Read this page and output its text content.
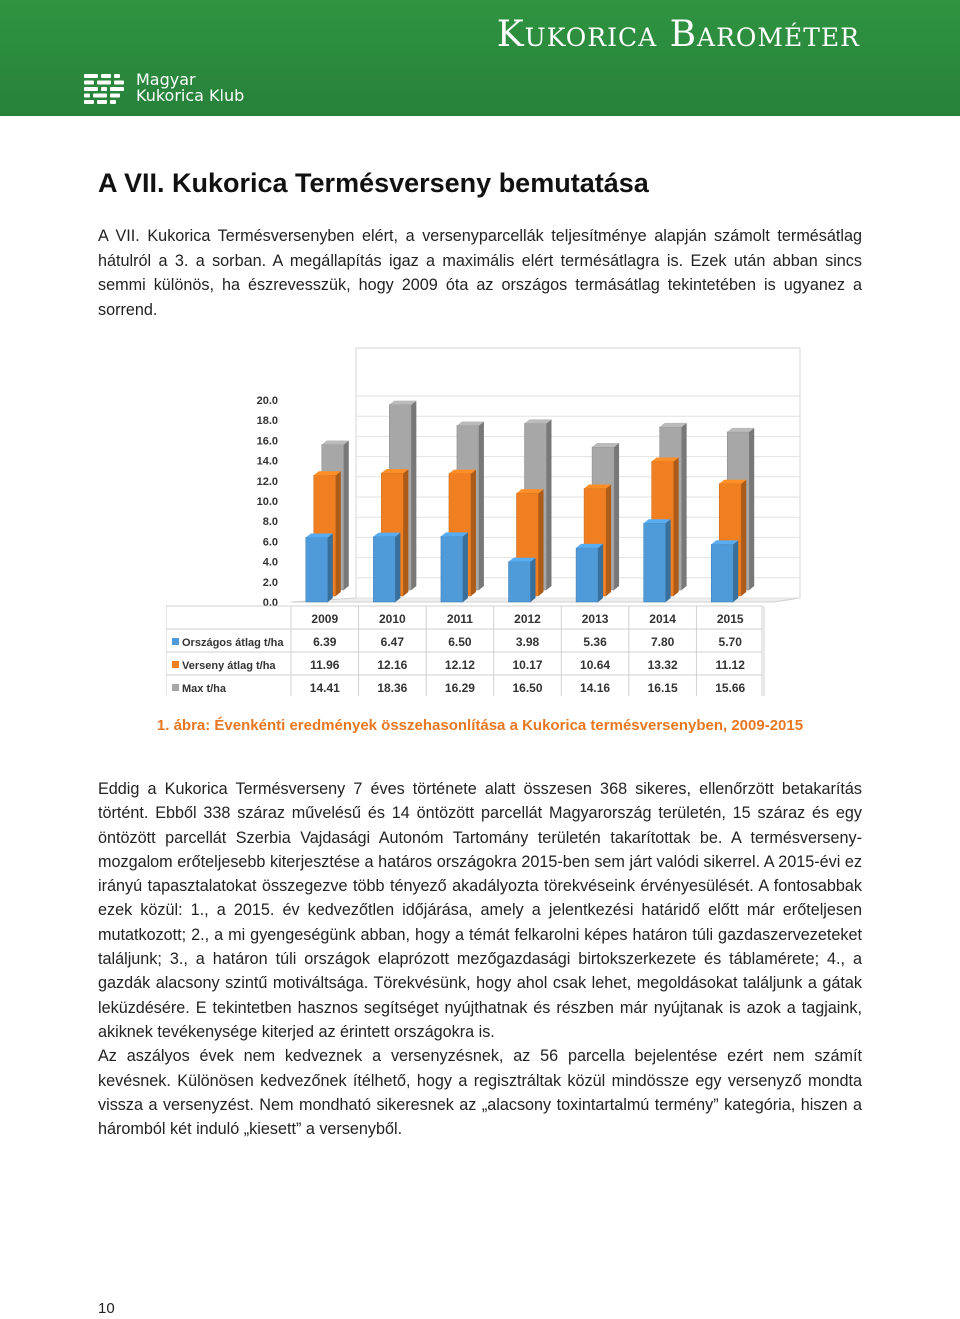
Kukorica Barométer
Magyar
Kukorica Klub
A VII. Kukorica Termésverseny bemutatása
A VII. Kukorica Termésversenyben elért, a versenyparcellák teljesítménye alapján számolt termésátlag hátulról a 3. a sorban. A megállapítás igaz a maximális elért termésátlagra is. Ezek után abban sincs semmi különös, ha észrevesszük, hogy 2009 óta az országos termásátlag tekintetében is ugyanez a sorrend.
0.0
2.0
4.0
6.0
8.0
10.0
12.0
14.0
16.0
18.0
20.0
2009	2010	2011	2012	2013	2014	2015
Országos átlag t/ha 6.39	6.47	6.50	3.98	5.36	7.80	5.70
Verseny átlag t/ha	11.96	12.16	12.12	10.17	10.64	13.32	11.12
Max t/ha	14.41	18.36	16.29	16.50	14.16	16.15	15.66
1. ábra: Évenkénti eredmények összehasonlítása a Kukorica termésversenyben, 2009-2015

Eddig a Kukorica Termésverseny 7 éves története alatt összesen 368 sikeres, ellenőrzött betakarítás történt. Ebből 338 száraz művelésű és 14 öntözött parcellát Magyarország területén, 15 száraz és egy öntözött parcellát Szerbia Vajdasági Autonóm Tartomány területén takarítottak be. A termésverseny-mozgalom erőteljesebb kiterjesztése a határos országokra 2015-ben sem járt valódi sikerrel. A 2015-évi ez irányú tapasztalatokat összegezve több tényező akadályozta törekvéseink érvényesülését. A fontosabbak ezek közül: 1., a 2015. év kedvezőtlen időjárása, amely a jelentkezési határidő előtt már erőteljesen mutatkozott; 2., a mi gyengeségünk abban, hogy a témát felkarolni képes határon túli gazdaszervezeteket találjunk; 3., a határon túli országok elaprózott mezőgazdasági birtokszerkezete és táblamérete; 4., a gazdák alacsony szintű motiváltsága. Törekvésünk, hogy ahol csak lehet, megoldásokat találjunk a gátak leküzdésére. E tekintetben hasznos segítséget nyújthatnak és részben már nyújtanak is azok a tagjaink, akiknek tevékenysége kiterjed az érintett országokra is.

Az aszályos évek nem kedveznek a versenyzésnek, az 56 parcella bejelentése ezért nem számít kevésnek. Különösen kedvezőnek ítélhető, hogy a regisztráltak közül mindössze egy versenyző mondta vissza a versenyzést. Nem mondható sikeresnek az „alacsony toxintartalmú termény” kategória, hiszen a háromból két induló „kiesett” a versenyből.

10
